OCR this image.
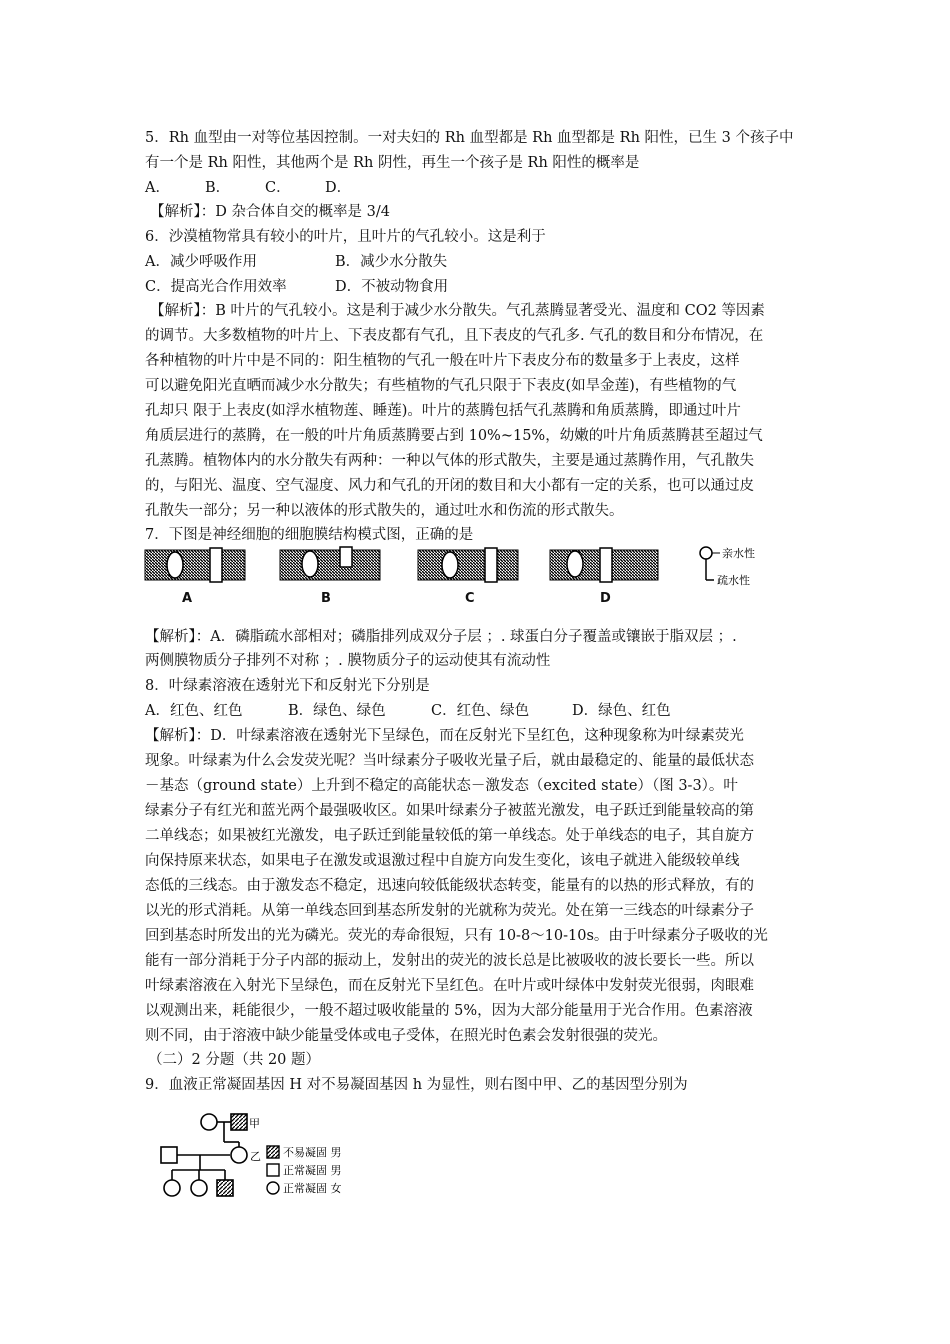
5．Rh 血型由一对等位基因控制。一对夫妇的 Rh 血型都是 Rh 血型都是 Rh 阳性，已生 3 个孩子中
有一个是 Rh 阳性，其他两个是 Rh 阴性，再生一个孩子是 Rh 阳性的概率是
A． B． C． D．
【解析】：D 杂合体自交的概率是 3/4
6．沙漠植物常具有较小的叶片，且叶片的气孔较小。这是利于
A．减少呼吸作用	B．减少水分散失
C．提高光合作用效率	D．不被动物食用
【解析】：B 叶片的气孔较小。这是利于减少水分散失。气孔蒸腾显著受光、温度和 CO2 等因素
的调节。大多数植物的叶片上、下表皮都有气孔，且下表皮的气孔多. 气孔的数目和分布情况，在
各种植物的叶片中是不同的：阳生植物的气孔一般在叶片下表皮分布的数量多于上表皮，这样
可以避免阳光直晒而减少水分散失；有些植物的气孔只限于下表皮(如旱金莲)，有些植物的气
孔却只 限于上表皮(如浮水植物莲、睡莲)。叶片的蒸腾包括气孔蒸腾和角质蒸腾，即通过叶片
角质层进行的蒸腾，在一般的叶片角质蒸腾要占到 10%~15%，幼嫩的叶片角质蒸腾甚至超过气
孔蒸腾。植物体内的水分散失有两种：一种以气体的形式散失，主要是通过蒸腾作用，气孔散失
的，与阳光、温度、空气湿度、风力和气孔的开闭的数目和大小都有一定的关系，也可以通过皮
孔散失一部分；另一种以液体的形式散失的，通过吐水和伤流的形式散失。
7．下图是神经细胞的细胞膜结构模式图，正确的是
亲水性
疏水性
A	B	C	D
【解析】：A．磷脂疏水部相对；磷脂排列成双分子层 ；. 球蛋白分子覆盖或镶嵌于脂双层 ；.
两侧膜物质分子排列不对称 ；. 膜物质分子的运动使其有流动性
8．叶绿素溶液在透射光下和反射光下分别是
A．红色、红色	B．绿色、绿色	C．红色、绿色	D．绿色、红色
【解析】：D．叶绿素溶液在透射光下呈绿色，而在反射光下呈红色，这种现象称为叶绿素荧光
现象。叶绿素为什么会发荧光呢？当叶绿素分子吸收光量子后，就由最稳定的、能量的最低状态
－基态（ground state）上升到不稳定的高能状态－激发态（excited state）（图 3-3）。叶
绿素分子有红光和蓝光两个最强吸收区。如果叶绿素分子被蓝光激发，电子跃迁到能量较高的第
二单线态；如果被红光激发，电子跃迁到能量较低的第一单线态。处于单线态的电子，其自旋方
向保持原来状态，如果电子在激发或退激过程中自旋方向发生变化，该电子就进入能级较单线
态低的三线态。由于激发态不稳定，迅速向较低能级状态转变，能量有的以热的形式释放，有的
以光的形式消耗。从第一单线态回到基态所发射的光就称为荧光。处在第一三线态的叶绿素分子
回到基态时所发出的光为磷光。荧光的寿命很短，只有 10-8～10-10s。由于叶绿素分子吸收的光
能有一部分消耗于分子内部的振动上，发射出的荧光的波长总是比被吸收的波长要长一些。所以
叶绿素溶液在入射光下呈绿色，而在反射光下呈红色。在叶片或叶绿体中发射荧光很弱，肉眼难
以观测出来，耗能很少，一般不超过吸收能量的 5%，因为大部分能量用于光合作用。色素溶液
则不同，由于溶液中缺少能量受体或电子受体，在照光时色素会发射很强的荧光。
（二）2 分题（共 20 题）
9．血液正常凝固基因 H 对不易凝固基因 h 为显性，则右图中甲、乙的基因型分别为
甲
乙 不易凝固 男
正常凝固 男
正常凝固 女
